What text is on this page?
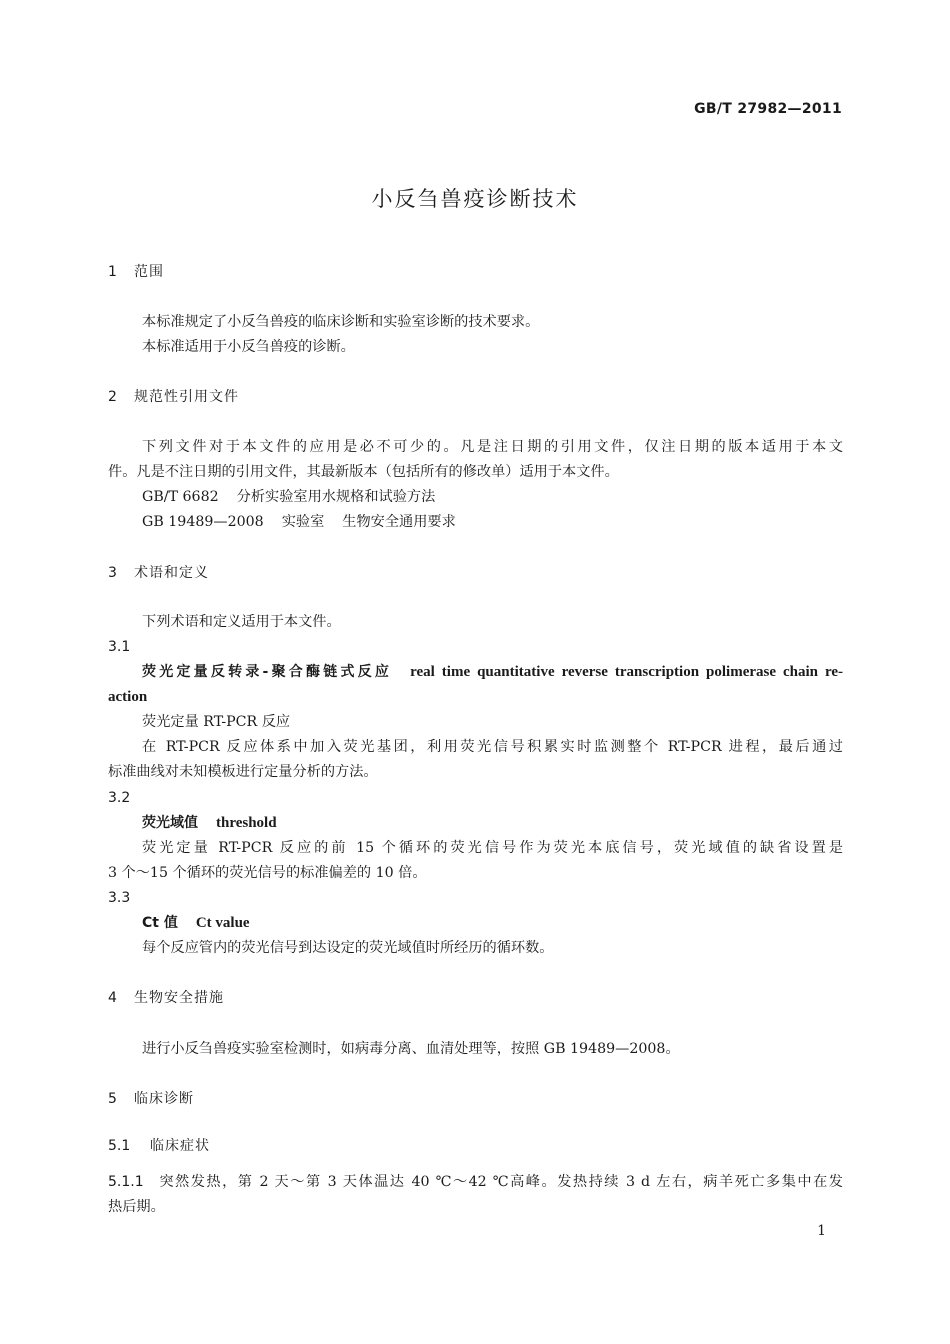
GB/T 27982—2011
小反刍兽疫诊断技术
1 范围
本标准规定了小反刍兽疫的临床诊断和实验室诊断的技术要求。
本标准适用于小反刍兽疫的诊断。
2 规范性引用文件
下列文件对于本文件的应用是必不可少的。凡是注日期的引用文件，仅注日期的版本适用于本文
件。凡是不注日期的引用文件，其最新版本（包括所有的修改单）适用于本文件。
GB/T 6682 分析实验室用水规格和试验方法
GB 19489—2008 实验室 生物安全通用要求
3 术语和定义
下列术语和定义适用于本文件。
3.1
荧光定量反转录-聚合酶链式反应 real time quantitative reverse transcription polimerase chain re-
action
荧光定量 RT-PCR 反应
在 RT-PCR 反应体系中加入荧光基团，利用荧光信号积累实时监测整个 RT-PCR 进程，最后通过
标准曲线对未知模板进行定量分析的方法。
3.2
荧光域值 threshold
荧光定量 RT-PCR 反应的前 15 个循环的荧光信号作为荧光本底信号，荧光域值的缺省设置是
3 个～15 个循环的荧光信号的标准偏差的 10 倍。
3.3
Ct 值 Ct value
每个反应管内的荧光信号到达设定的荧光域值时所经历的循环数。
4 生物安全措施
进行小反刍兽疫实验室检测时，如病毒分离、血清处理等，按照 GB 19489—2008。
5 临床诊断
5.1 临床症状
5.1.1  突然发热，第 2 天～第 3 天体温达 40 ℃～42 ℃高峰。发热持续 3 d 左右，病羊死亡多集中在发
热后期。
1
